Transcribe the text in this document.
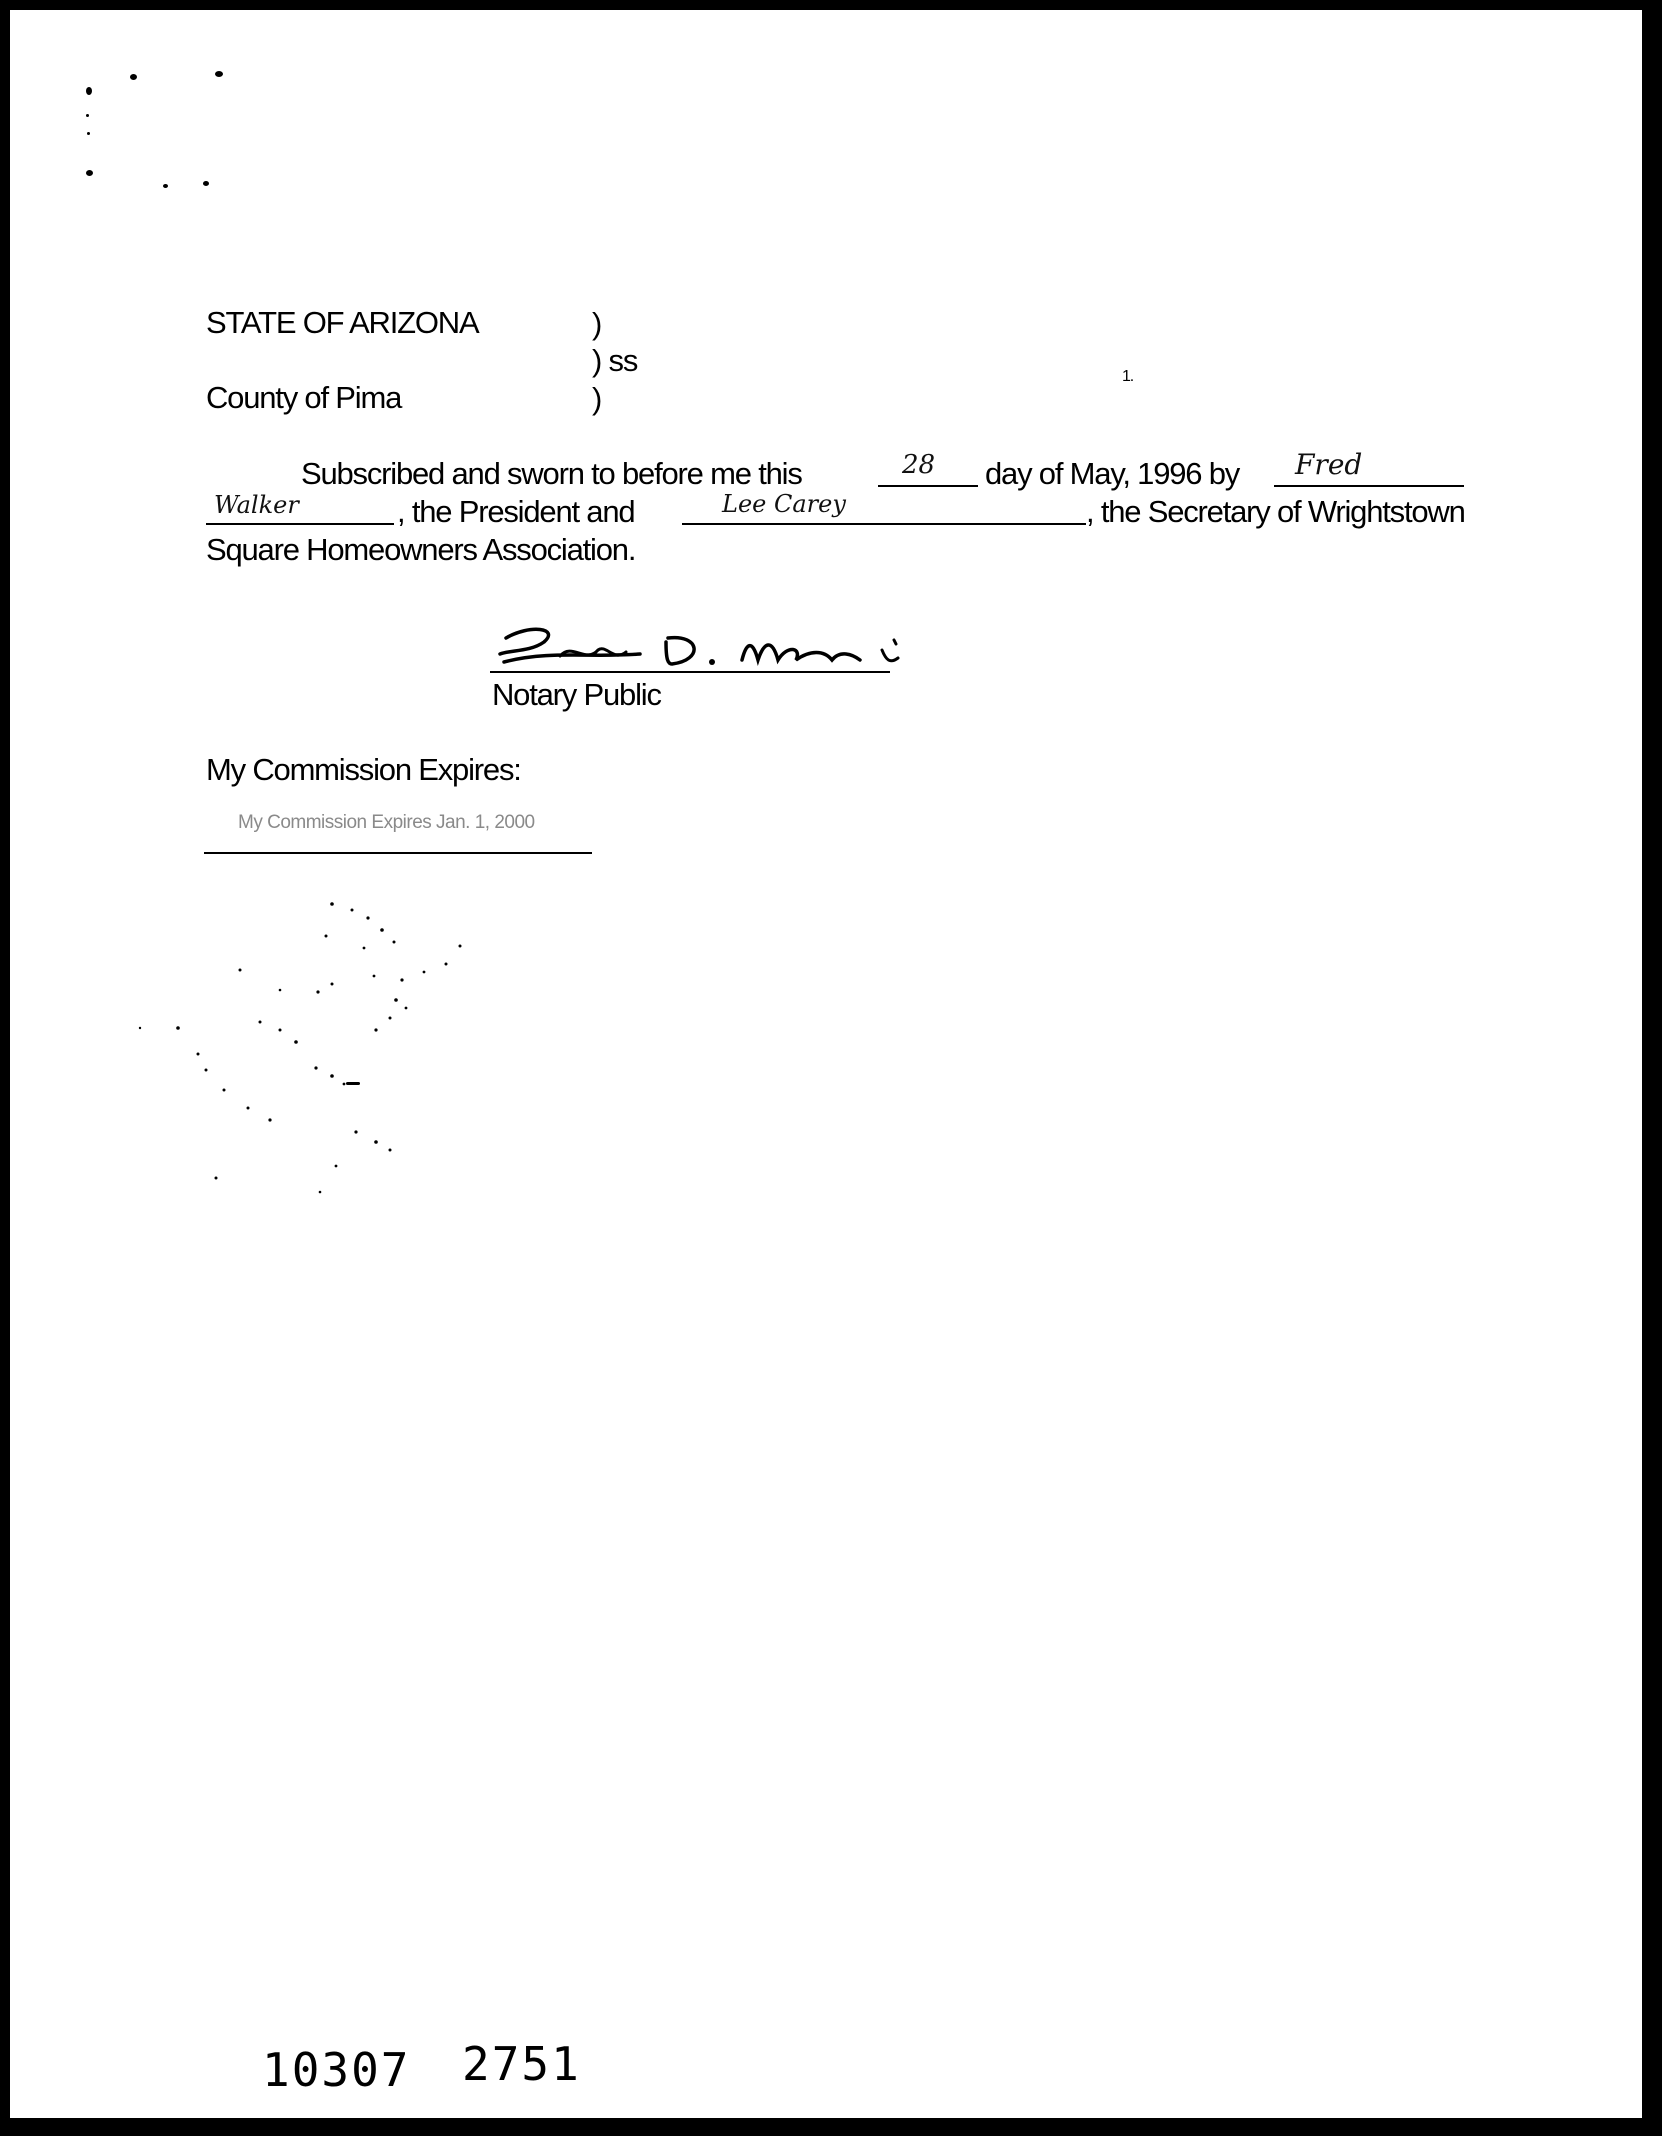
STATE OF ARIZONA	)
) ss
County of Pima	)
1.
Subscribed and sworn to before me this	28 day of May, 1996 by Fred
Walker	, the President and	Lee Carey	, the Secretary of Wrightstown
Square Homeowners Association.
Notary Public
My Commission Expires:
My Commission Expires Jan. 1, 2000
10307 2751
